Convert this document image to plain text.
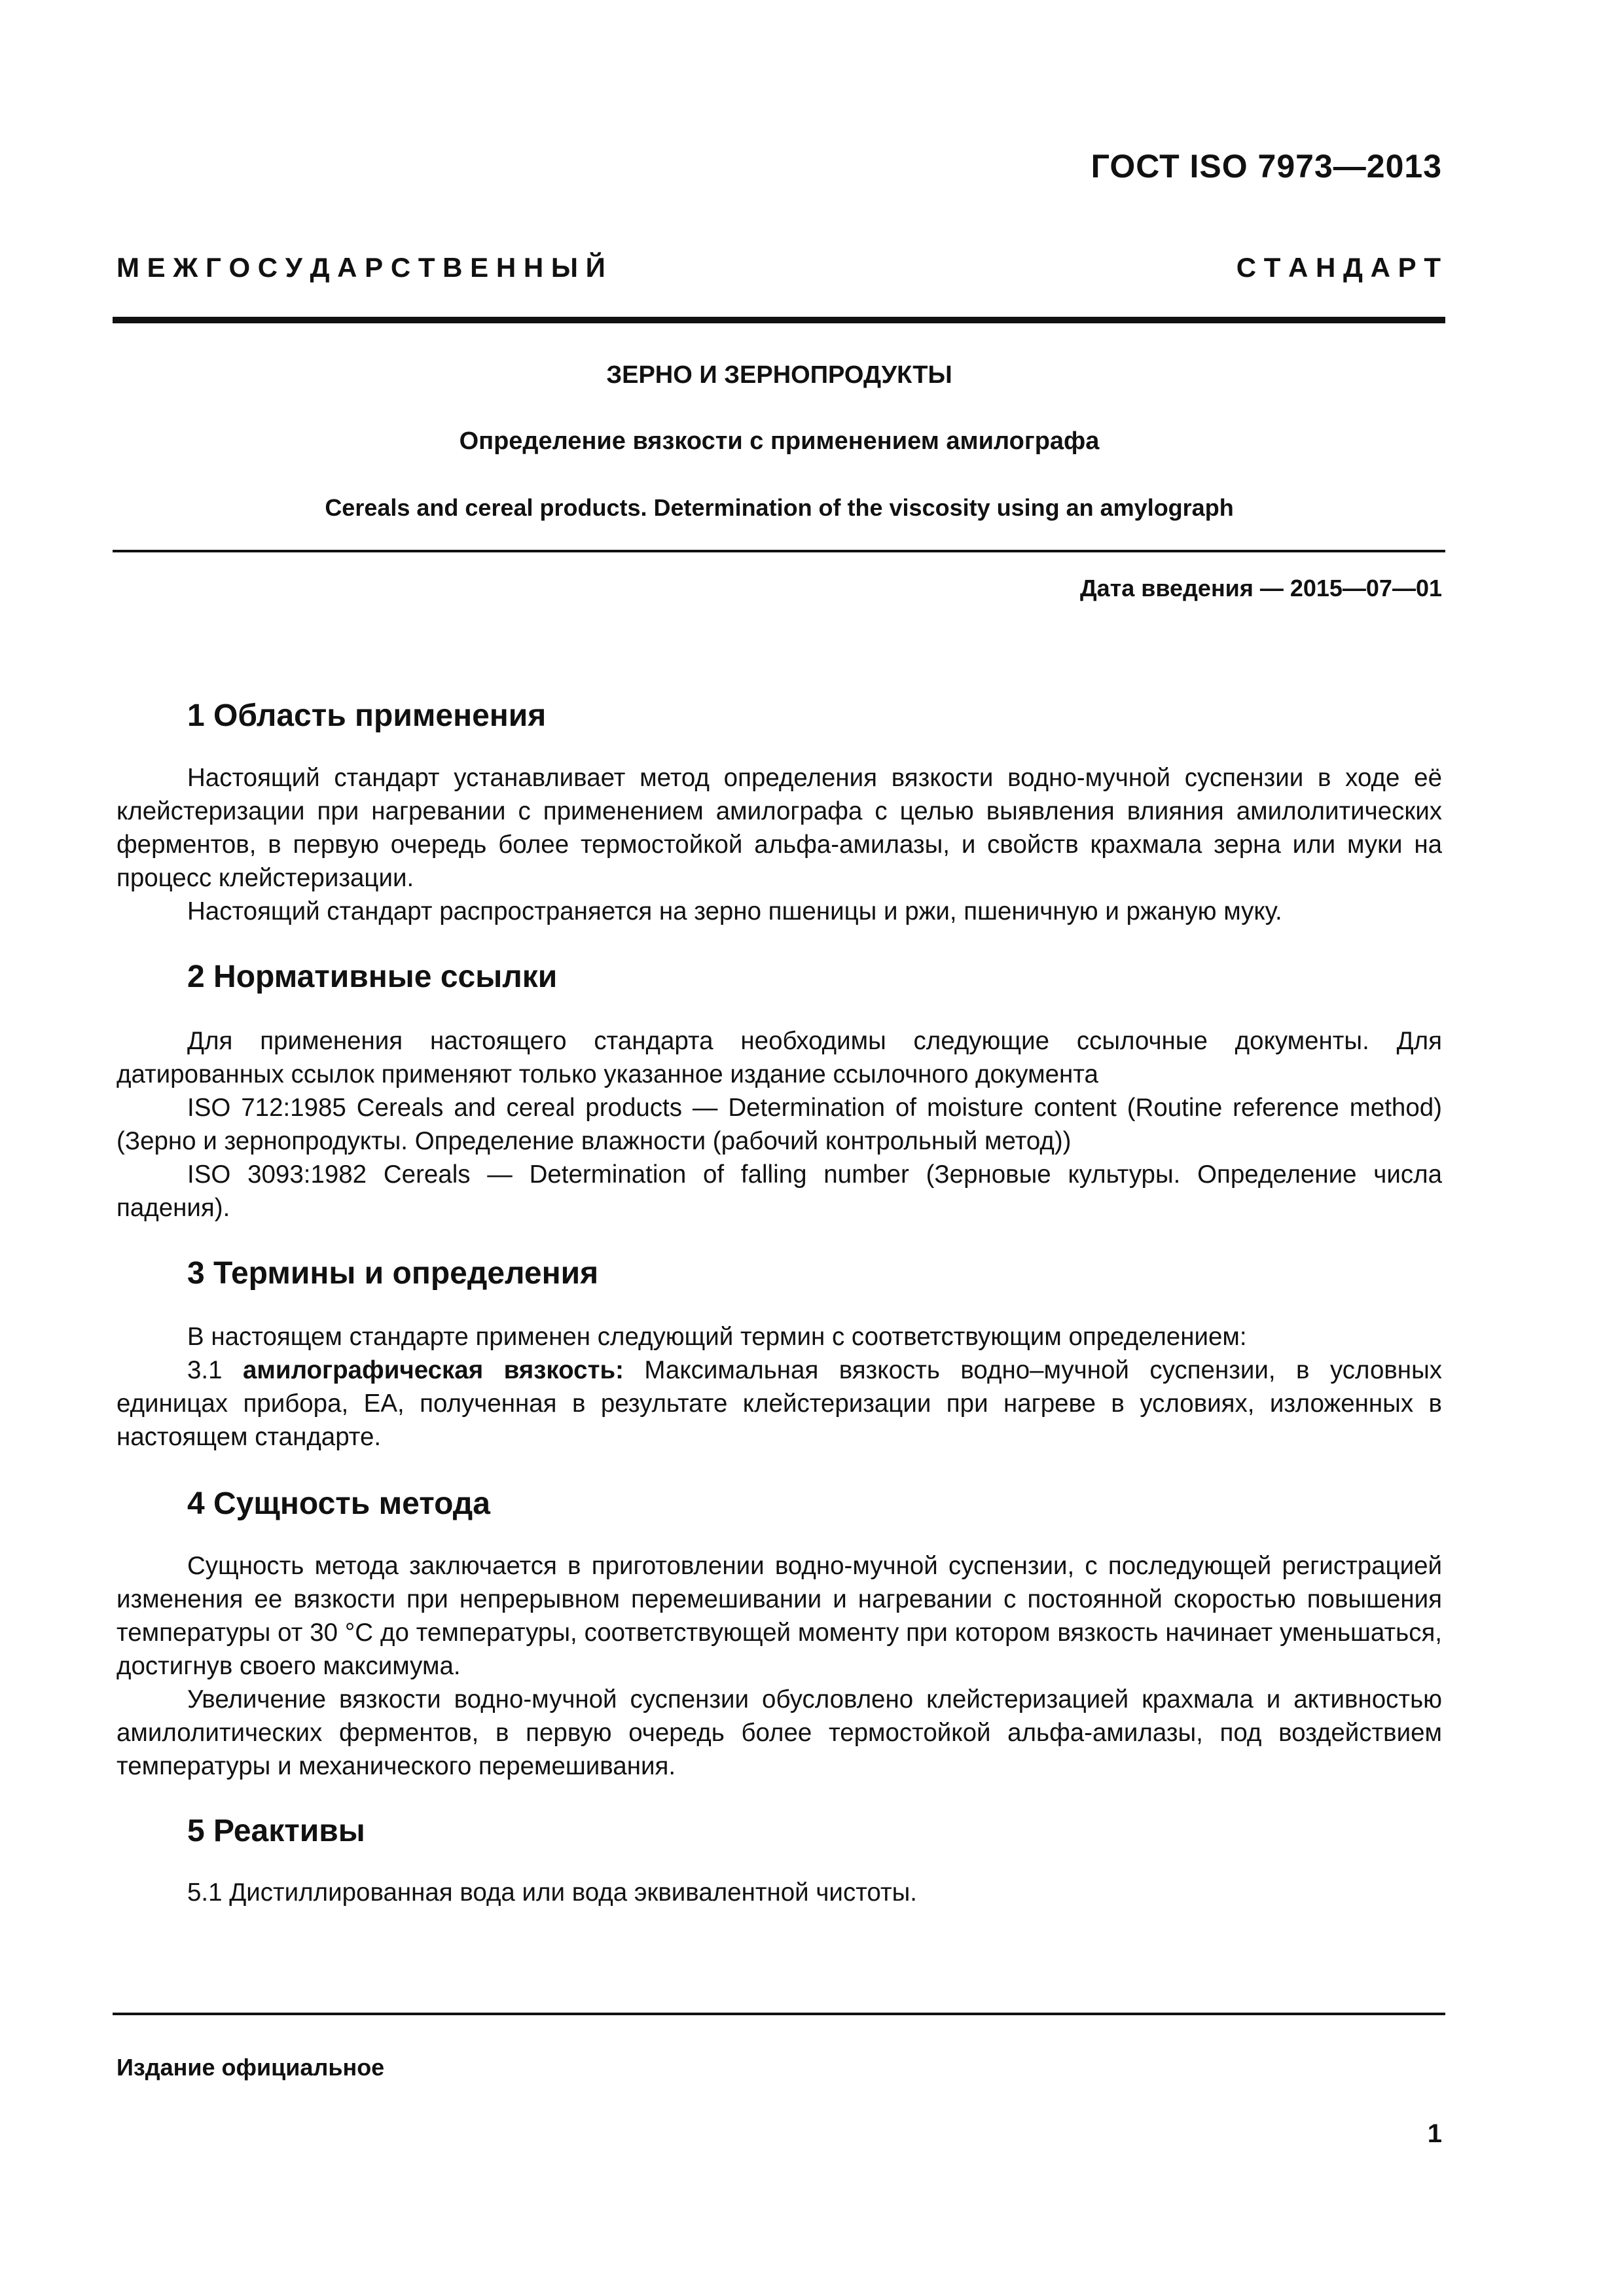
ГОСТ ISO 7973—2013
М Е Ж Г О С У Д А Р С Т В Е Н Н Ы Й	С Т А Н Д А Р Т
ЗЕРНО И ЗЕРНОПРОДУКТЫ
Определение вязкости с применением амилографа
Cereals and cereal products. Determination of the viscosity using an amylograph
Дата введения — 2015—07—01
1 Область применения

Настоящий стандарт устанавливает метод определения вязкости водно-мучной суспензии в ходе её клейстеризации при нагревании с применением амилографа с целью выявления влияния амилолитических ферментов, в первую очередь более термостойкой альфа-амилазы, и свойств крахмала зерна или муки на процесс клейстеризации.

Настоящий стандарт распространяется на зерно пшеницы и ржи, пшеничную и ржаную муку.

2 Нормативные ссылки

Для применения настоящего стандарта необходимы следующие ссылочные документы. Для датированных ссылок применяют только указанное издание ссылочного документа

ISO 712:1985 Cereals and cereal products — Determination of moisture content (Routine reference method) (Зерно и зернопродукты. Определение влажности (рабочий контрольный метод))

ISO 3093:1982 Cereals — Determination of falling number (Зерновые культуры. Определение числа падения).

3 Термины и определения

В настоящем стандарте применен следующий термин с соответствующим определением:

3.1 амилографическая вязкость: Максимальная вязкость водно–мучной суспензии, в условных единицах прибора, ЕА, полученная в результате клейстеризации при нагреве в условиях, изложенных в настоящем стандарте.

4 Сущность метода

Сущность метода заключается в приготовлении водно-мучной суспензии, с последующей регистрацией изменения ее вязкости при непрерывном перемешивании и нагревании с постоянной скоростью повышения температуры от 30 °С до температуры, соответствующей моменту при котором вязкость начинает уменьшаться, достигнув своего максимума.

Увеличение вязкости водно-мучной суспензии обусловлено клейстеризацией крахмала и активностью амилолитических ферментов, в первую очередь более термостойкой альфа-амилазы, под воздействием температуры и механического перемешивания.

5 Реактивы

5.1 Дистиллированная вода или вода эквивалентной чистоты.

Издание официальное
1
